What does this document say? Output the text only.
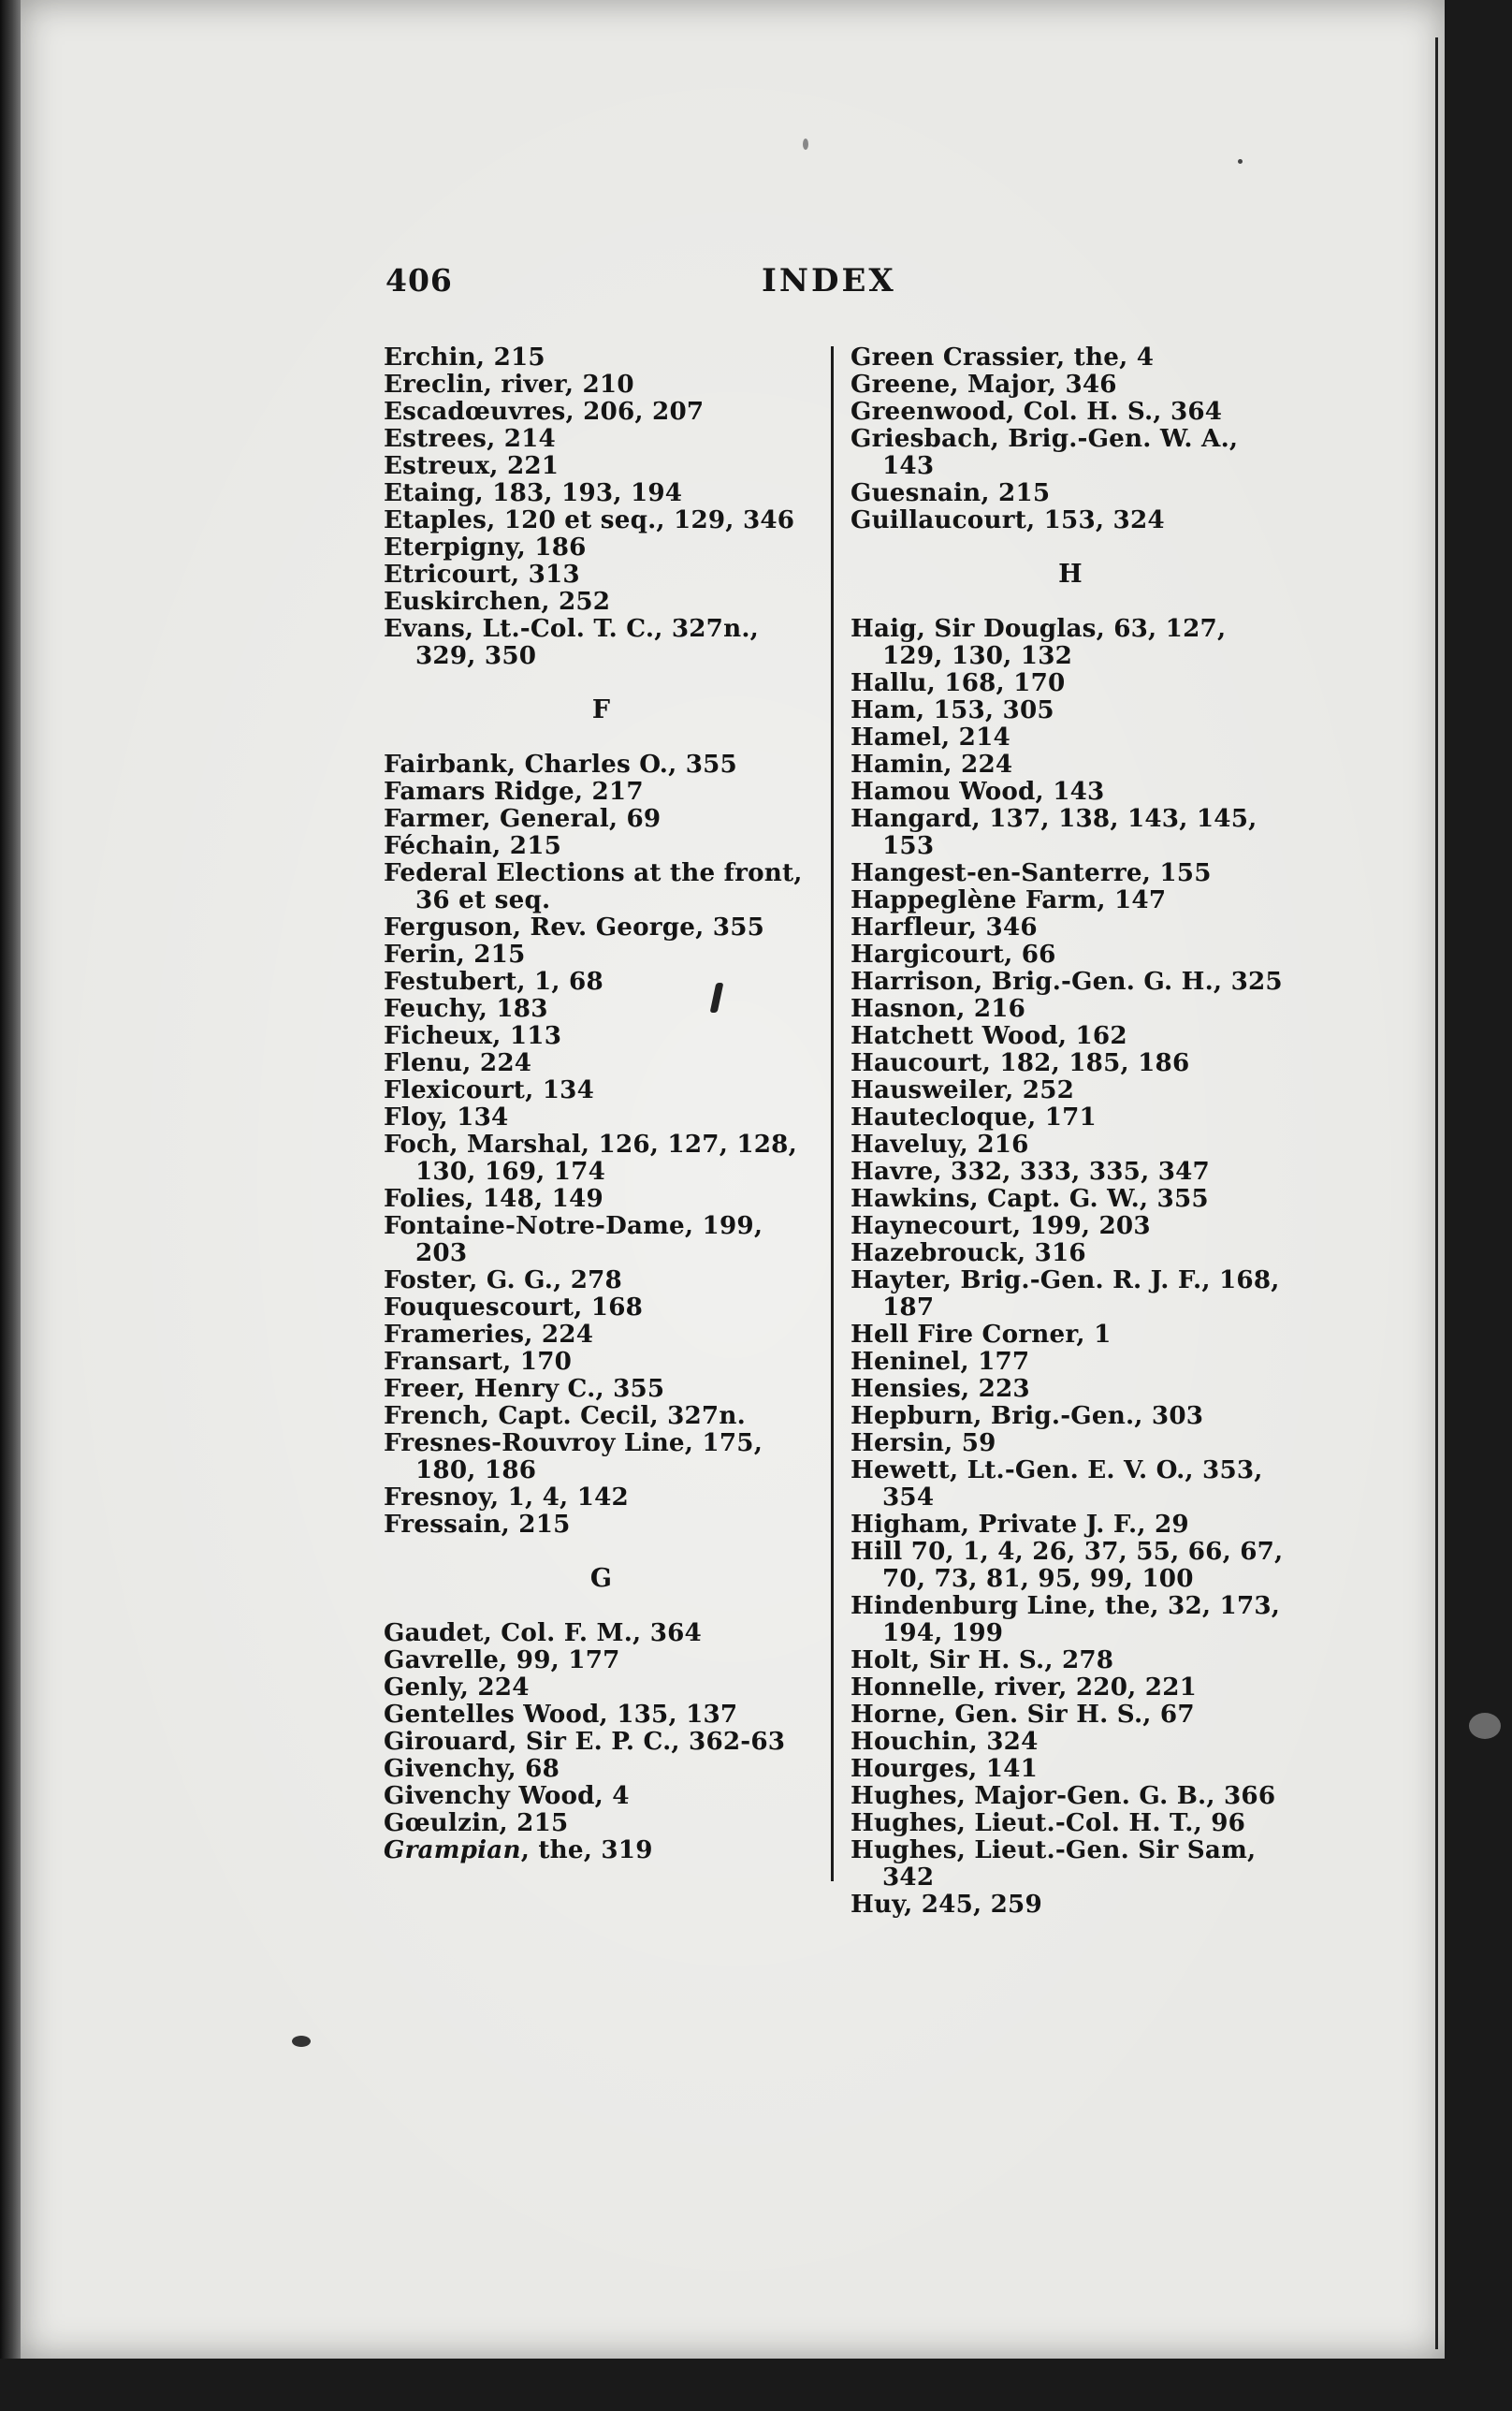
406	INDEX
Erchin, 215
Ereclin, river, 210
Escadœuvres, 206, 207
Estrees, 214
Estreux, 221
Etaing, 183, 193, 194
Etaples, 120 et seq., 129, 346
Eterpigny, 186
Etricourt, 313
Euskirchen, 252
Evans, Lt.-Col. T. C., 327n., 329, 350
F
Fairbank, Charles O., 355
Famars Ridge, 217
Farmer, General, 69
Féchain, 215
Federal Elections at the front, 36 et seq.
Ferguson, Rev. George, 355
Ferin, 215
Festubert, 1, 68
Feuchy, 183
Ficheux, 113
Flenu, 224
Flexicourt, 134
Floy, 134
Foch, Marshal, 126, 127, 128, 130, 169, 174
Folies, 148, 149
Fontaine-Notre-Dame, 199, 203
Foster, G. G., 278
Fouquescourt, 168
Frameries, 224
Fransart, 170
Freer, Henry C., 355
French, Capt. Cecil, 327n.
Fresnes-Rouvroy Line, 175, 180, 186
Fresnoy, 1, 4, 142
Fressain, 215
G
Gaudet, Col. F. M., 364
Gavrelle, 99, 177
Genly, 224
Gentelles Wood, 135, 137
Girouard, Sir E. P. C., 362-63
Givenchy, 68
Givenchy Wood, 4
Gœulzin, 215
Grampian, the, 319
Green Crassier, the, 4
Greene, Major, 346
Greenwood, Col. H. S., 364
Griesbach, Brig.-Gen. W. A., 143
Guesnain, 215
Guillaucourt, 153, 324
H
Haig, Sir Douglas, 63, 127, 129, 130, 132
Hallu, 168, 170
Ham, 153, 305
Hamel, 214
Hamin, 224
Hamou Wood, 143
Hangard, 137, 138, 143, 145, 153
Hangest-en-Santerre, 155
Happeglène Farm, 147
Harfleur, 346
Hargicourt, 66
Harrison, Brig.-Gen. G. H., 325
Hasnon, 216
Hatchett Wood, 162
Haucourt, 182, 185, 186
Hausweiler, 252
Hautecloque, 171
Haveluy, 216
Havre, 332, 333, 335, 347
Hawkins, Capt. G. W., 355
Haynecourt, 199, 203
Hazebrouck, 316
Hayter, Brig.-Gen. R. J. F., 168, 187
Hell Fire Corner, 1
Heninel, 177
Hensies, 223
Hepburn, Brig.-Gen., 303
Hersin, 59
Hewett, Lt.-Gen. E. V. O., 353, 354
Higham, Private J. F., 29
Hill 70, 1, 4, 26, 37, 55, 66, 67, 70, 73, 81, 95, 99, 100
Hindenburg Line, the, 32, 173, 194, 199
Holt, Sir H. S., 278
Honnelle, river, 220, 221
Horne, Gen. Sir H. S., 67
Houchin, 324
Hourges, 141
Hughes, Major-Gen. G. B., 366
Hughes, Lieut.-Col. H. T., 96
Hughes, Lieut.-Gen. Sir Sam, 342
Huy, 245, 259
